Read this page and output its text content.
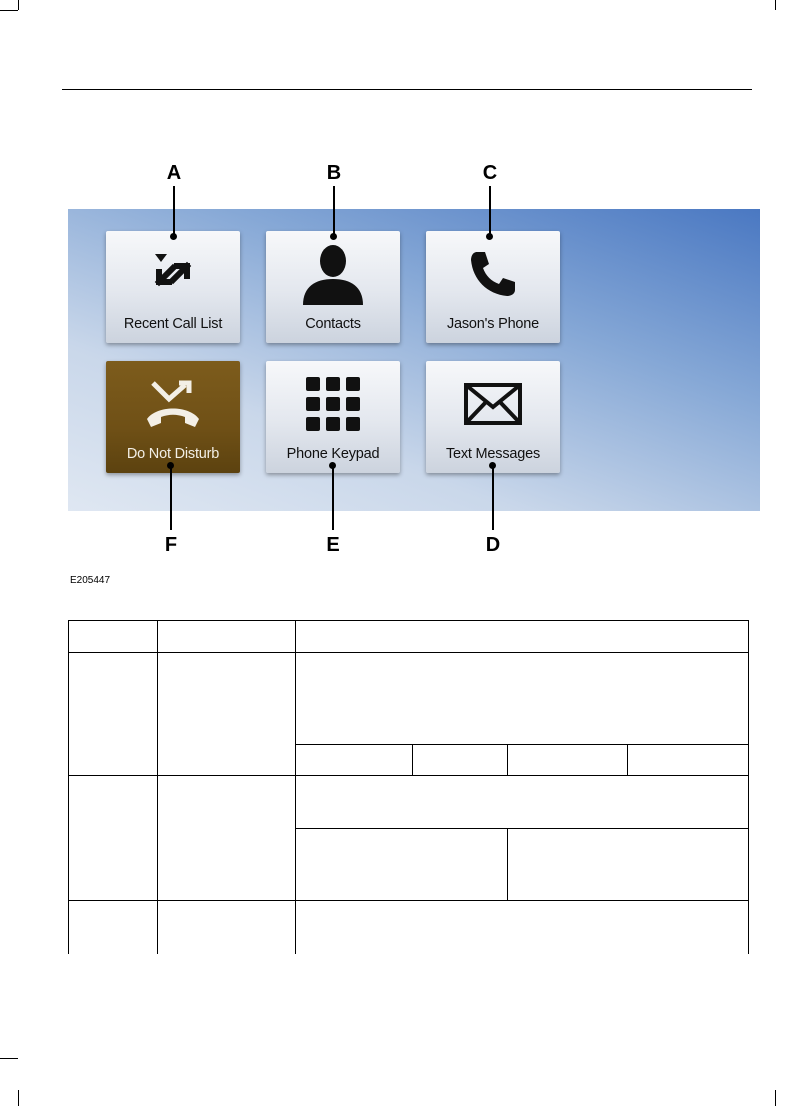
Recent Call List	Contacts	Jason's Phone
Do Not Disturb	Phone Keypad	Text Messages
A	B	C
F	E	D
E205447
